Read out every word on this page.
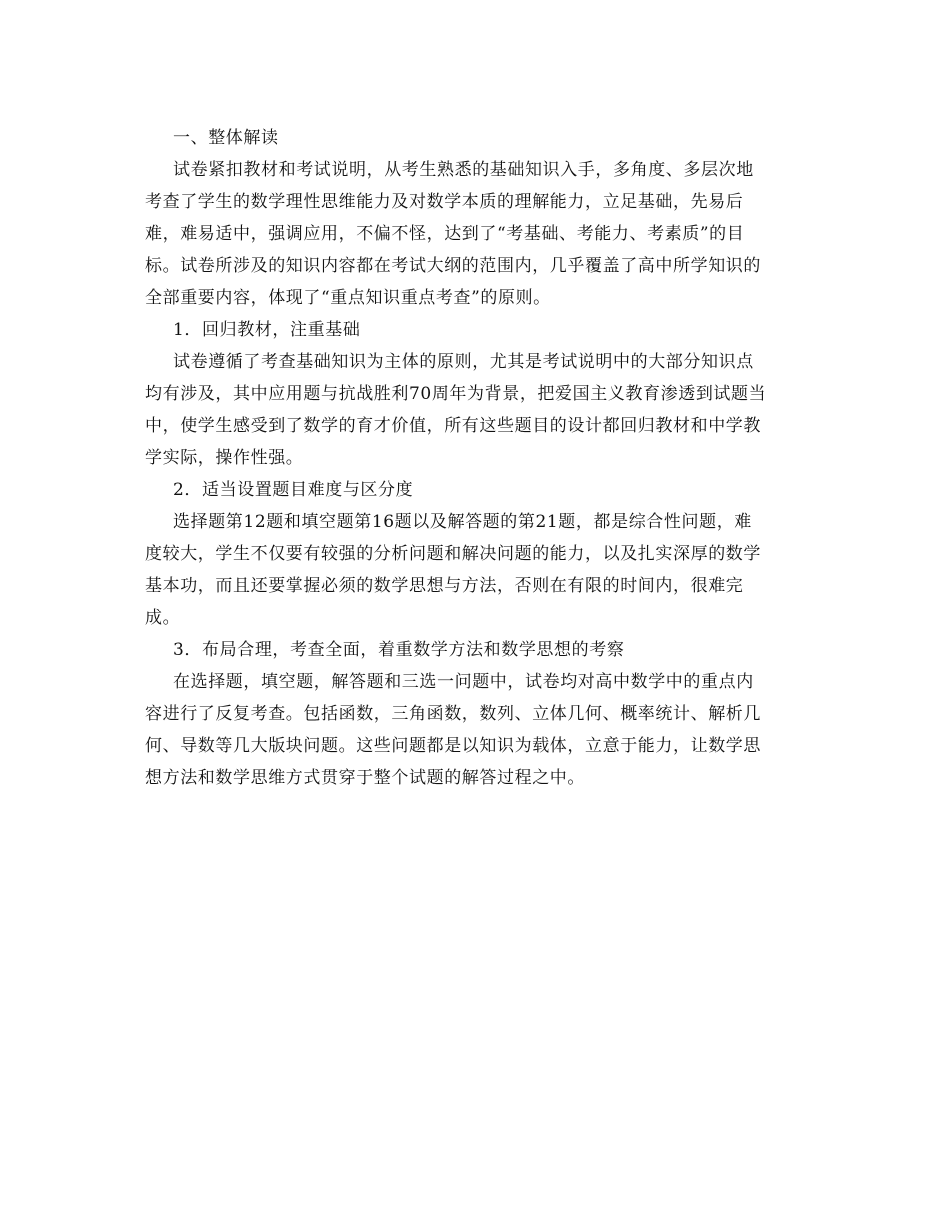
一、整体解读
试卷紧扣教材和考试说明，从考生熟悉的基础知识入手，多角度、多层次地
考查了学生的数学理性思维能力及对数学本质的理解能力，立足基础，先易后
难，难易适中，强调应用，不偏不怪，达到了“考基础、考能力、考素质”的目
标。试卷所涉及的知识内容都在考试大纲的范围内，几乎覆盖了高中所学知识的
全部重要内容，体现了“重点知识重点考查”的原则。
1．回归教材，注重基础
试卷遵循了考查基础知识为主体的原则，尤其是考试说明中的大部分知识点
均有涉及，其中应用题与抗战胜利70周年为背景，把爱国主义教育渗透到试题当
中，使学生感受到了数学的育才价值，所有这些题目的设计都回归教材和中学教
学实际，操作性强。
2．适当设置题目难度与区分度
选择题第12题和填空题第16题以及解答题的第21题，都是综合性问题，难
度较大，学生不仅要有较强的分析问题和解决问题的能力，以及扎实深厚的数学
基本功，而且还要掌握必须的数学思想与方法，否则在有限的时间内，很难完
成。
3．布局合理，考查全面，着重数学方法和数学思想的考察
在选择题，填空题，解答题和三选一问题中，试卷均对高中数学中的重点内
容进行了反复考查。包括函数，三角函数，数列、立体几何、概率统计、解析几
何、导数等几大版块问题。这些问题都是以知识为载体，立意于能力，让数学思
想方法和数学思维方式贯穿于整个试题的解答过程之中。
